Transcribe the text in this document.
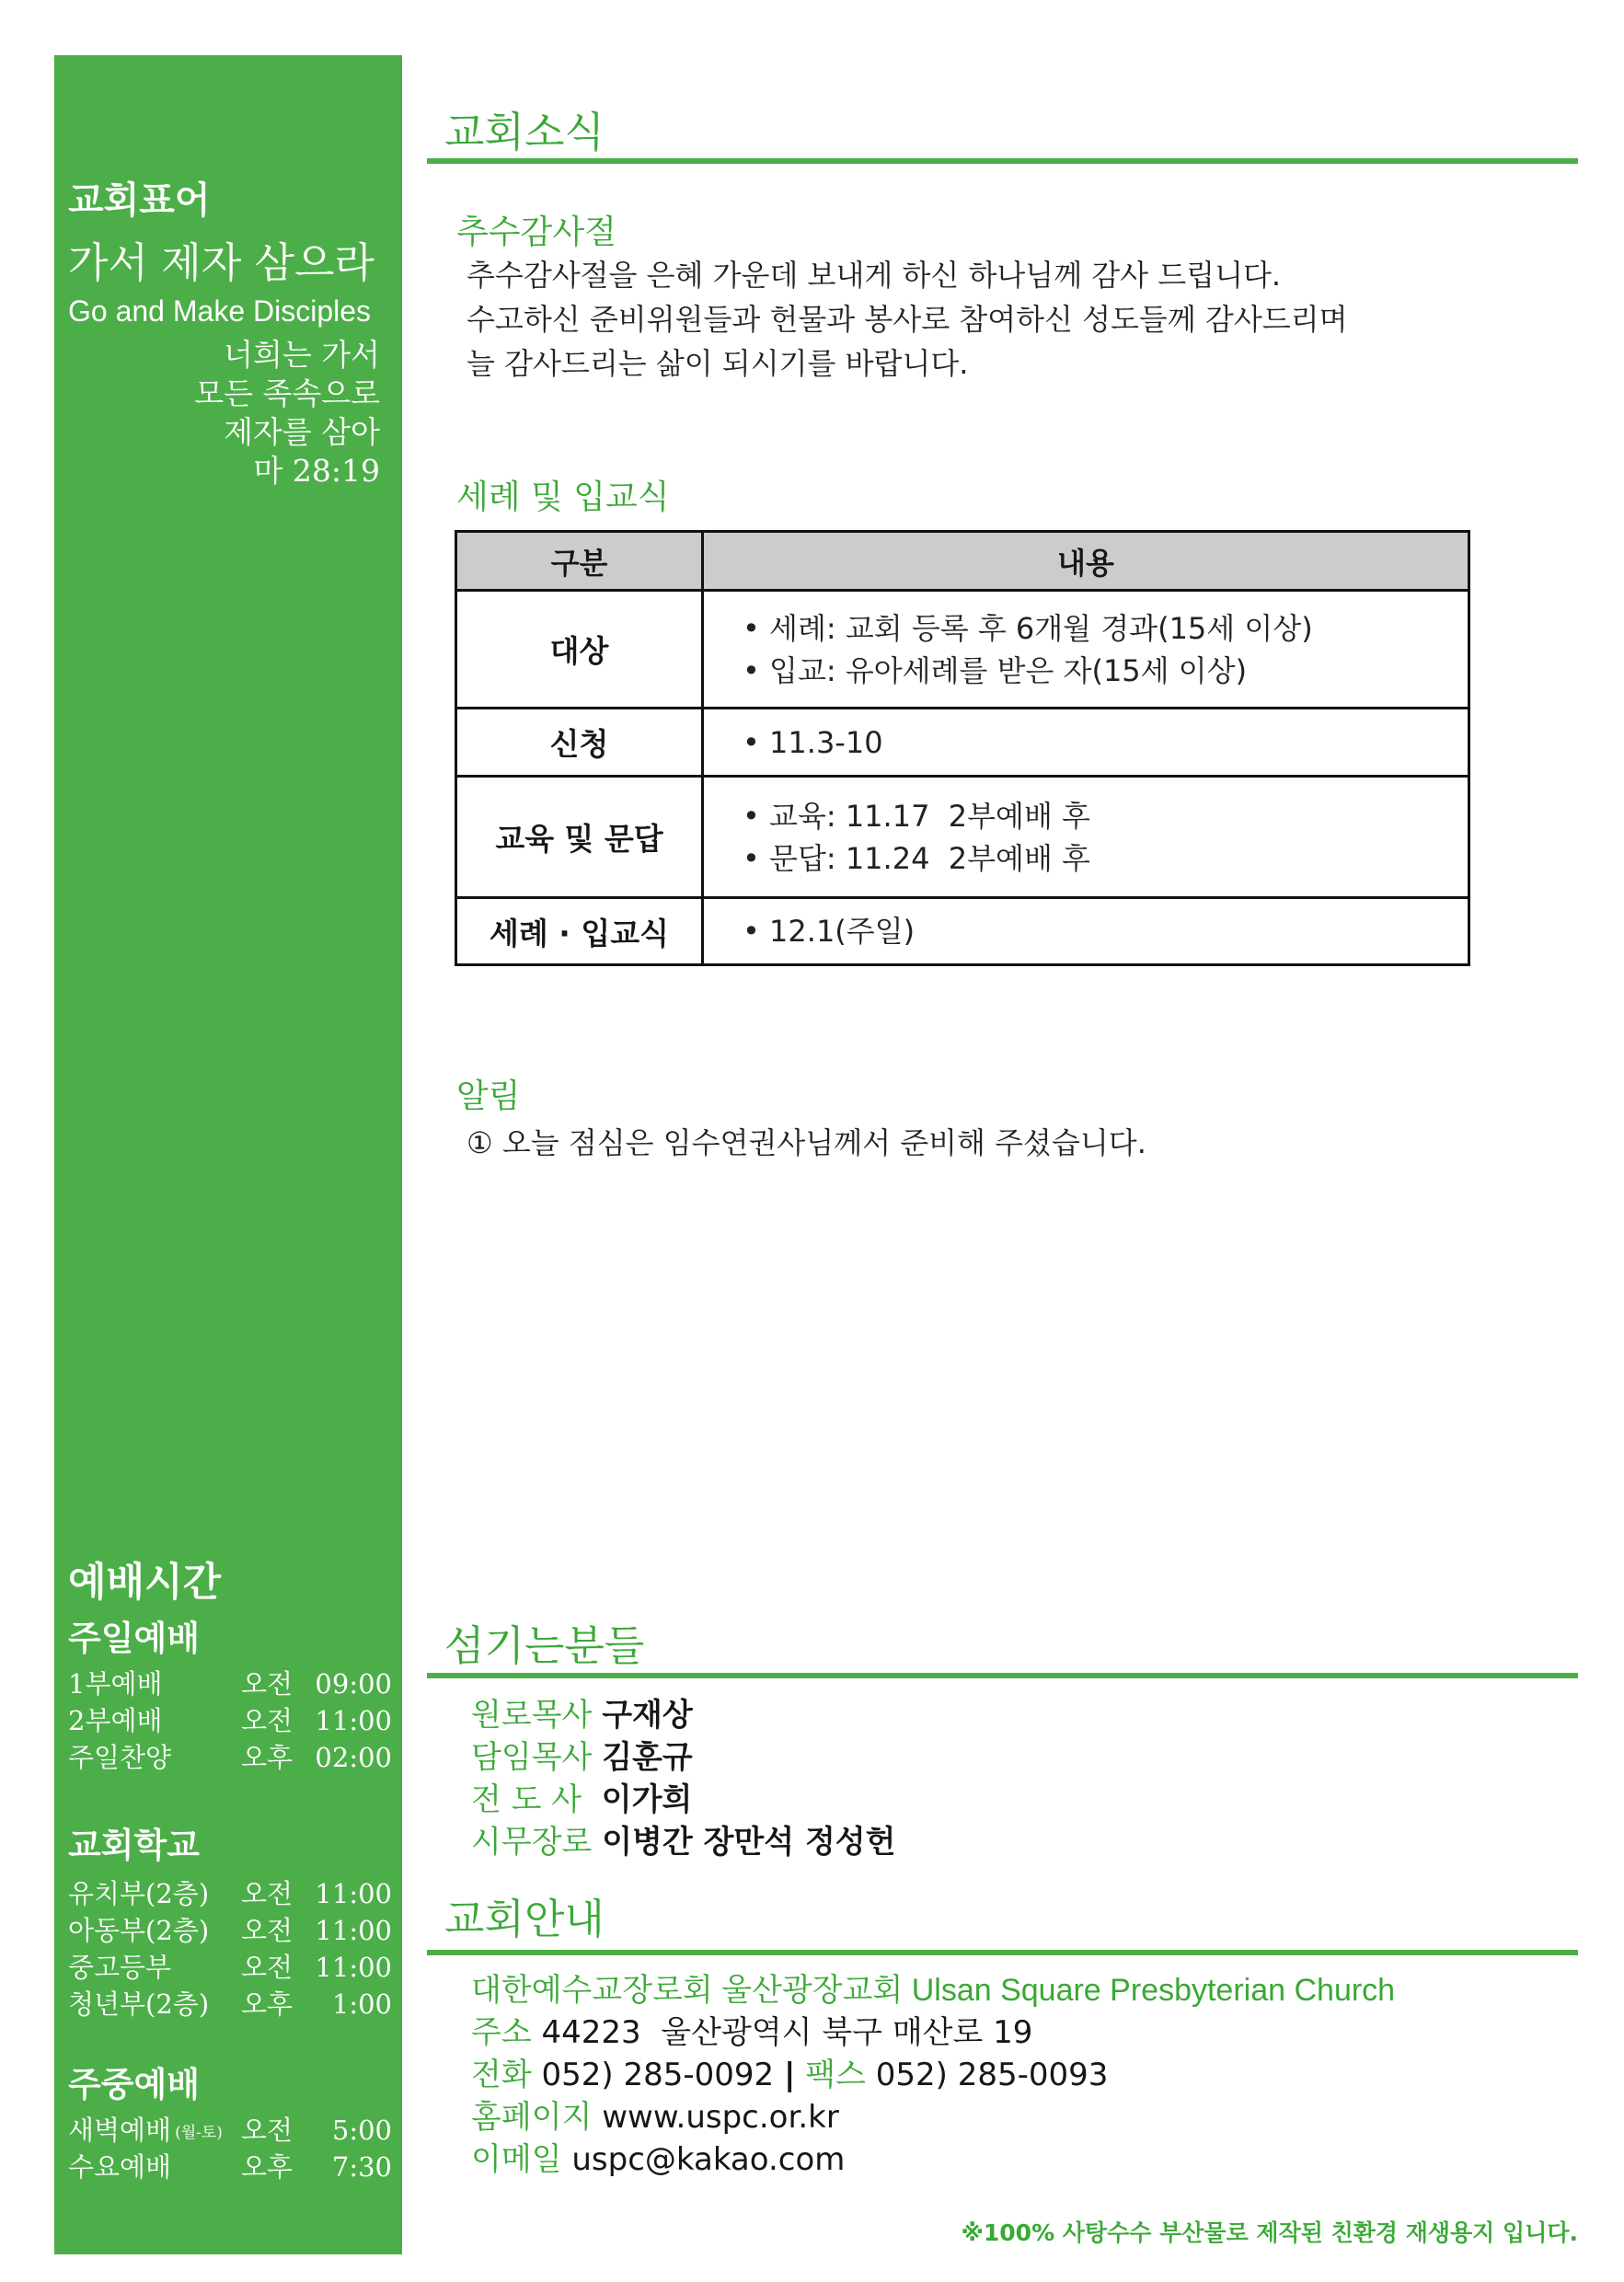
교회표어
가서 제자 삼으라
Go and Make Disciples
너희는 가서
모든 족속으로
제자를 삼아
마 28:19
예배시간
주일예배
1부예배	오전 09:00
2부예배	오전 11:00
주일찬양	오후 02:00
교회학교
유치부(2층)	오전 11:00
아동부(2층)	오전 11:00
중고등부	오전 11:00
청년부(2층)	오후	1:00
주중예배
새벽예배 (월-토) 오전	5:00
수요예배	오후	7:30
교회소식
추수감사절
추수감사절을 은혜 가운데 보내게 하신 하나님께 감사 드립니다.
수고하신 준비위원들과 헌물과 봉사로 참여하신 성도들께 감사드리며
늘 감사드리는 삶이 되시기를 바랍니다.
세례 및 입교식
구분	내용
대상	• 세례: 교회 등록 후 6개월 경과(15세 이상)
• 입교: 유아세례를 받은 자(15세 이상)

신청	• 11.3-10

교육 및 문답	• 교육: 11.17  2부예배 후
• 문답: 11.24  2부예배 후

세례 · 입교식	• 12.1(주일)
알림
① 오늘 점심은 임수연권사님께서 준비해 주셨습니다.
섬기는분들
원로목사 구재상
담임목사 김훈규
전 도 사 이가희
시무장로 이병간 장만석 정성헌
교회안내
대한예수교장로회 울산광장교회 Ulsan Square Presbyterian Church
주소 44223  울산광역시 북구 매산로 19
전화 052) 285-0092 | 팩스 052) 285-0093
홈페이지 www.uspc.or.kr
이메일 uspc@kakao.com
※100% 사탕수수 부산물로 제작된 친환경 재생용지 입니다.
